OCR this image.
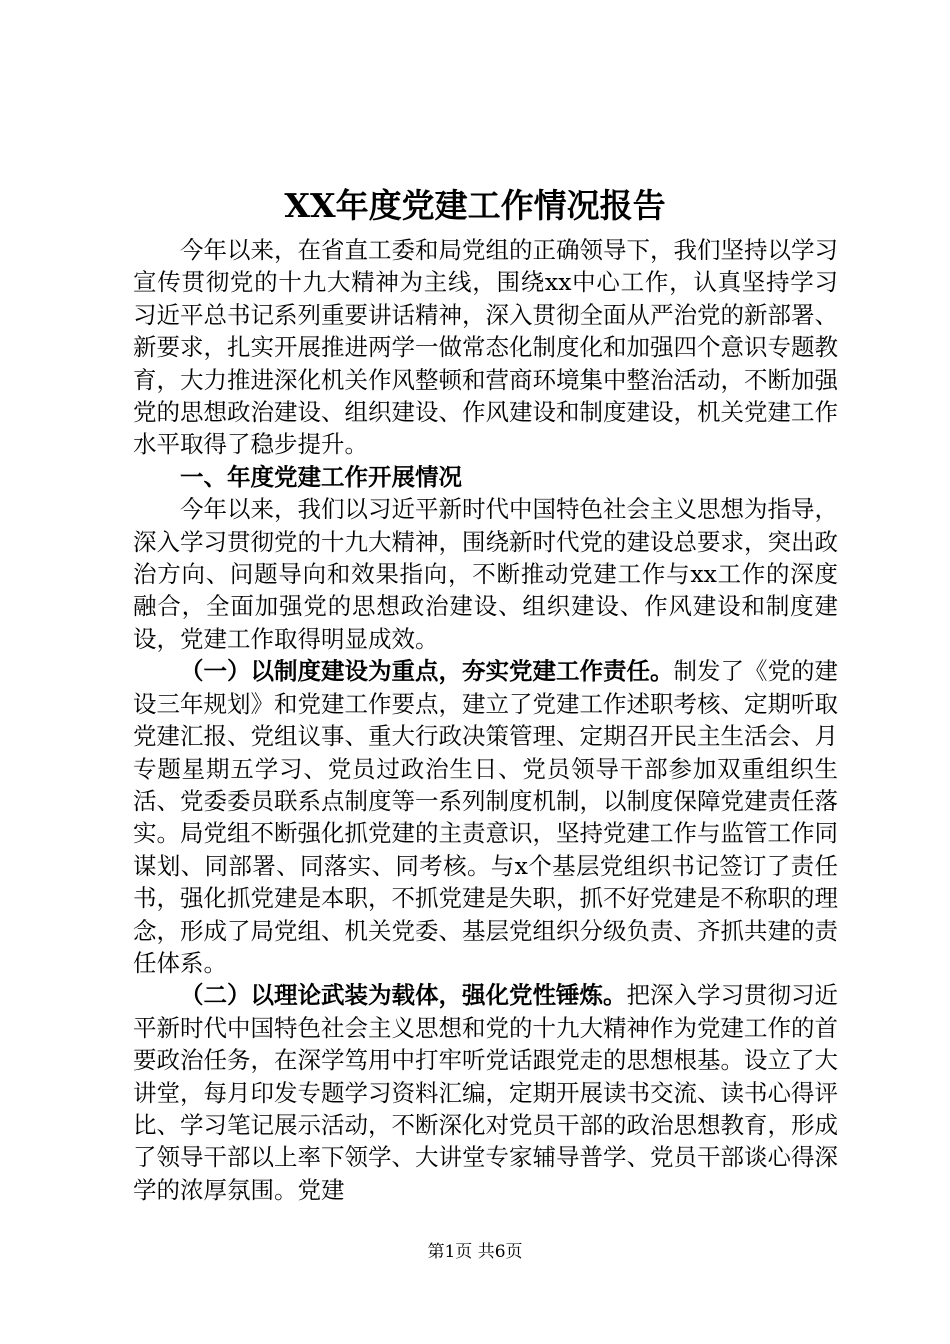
XX年度党建工作情况报告

今年以来，在省直工委和局党组的正确领导下，我们坚持以学习宣传贯彻党的十九大精神为主线，围绕xx中心工作，认真坚持学习习近平总书记系列重要讲话精神，深入贯彻全面从严治党的新部署、新要求，扎实开展推进两学一做常态化制度化和加强四个意识专题教育，大力推进深化机关作风整顿和营商环境集中整治活动，不断加强党的思想政治建设、组织建设、作风建设和制度建设，机关党建工作水平取得了稳步提升。

一、年度党建工作开展情况

今年以来，我们以习近平新时代中国特色社会主义思想为指导，深入学习贯彻党的十九大精神，围绕新时代党的建设总要求，突出政治方向、问题导向和效果指向，不断推动党建工作与xx工作的深度融合，全面加强党的思想政治建设、组织建设、作风建设和制度建设，党建工作取得明显成效。

（一）以制度建设为重点，夯实党建工作责任。制发了《党的建设三年规划》和党建工作要点，建立了党建工作述职考核、定期听取党建汇报、党组议事、重大行政决策管理、定期召开民主生活会、月专题星期五学习、党员过政治生日、党员领导干部参加双重组织生活、党委委员联系点制度等一系列制度机制，以制度保障党建责任落实。局党组不断强化抓党建的主责意识，坚持党建工作与监管工作同谋划、同部署、同落实、同考核。与x个基层党组织书记签订了责任书，强化抓党建是本职，不抓党建是失职，抓不好党建是不称职的理念，形成了局党组、机关党委、基层党组织分级负责、齐抓共建的责任体系。

（二）以理论武装为载体，强化党性锤炼。把深入学习贯彻习近平新时代中国特色社会主义思想和党的十九大精神作为党建工作的首要政治任务，在深学笃用中打牢听党话跟党走的思想根基。设立了大讲堂，每月印发专题学习资料汇编，定期开展读书交流、读书心得评比、学习笔记展示活动，不断深化对党员干部的政治思想教育，形成了领导干部以上率下领学、大讲堂专家辅导普学、党员干部谈心得深学的浓厚氛围。党建

第1页 共6页
